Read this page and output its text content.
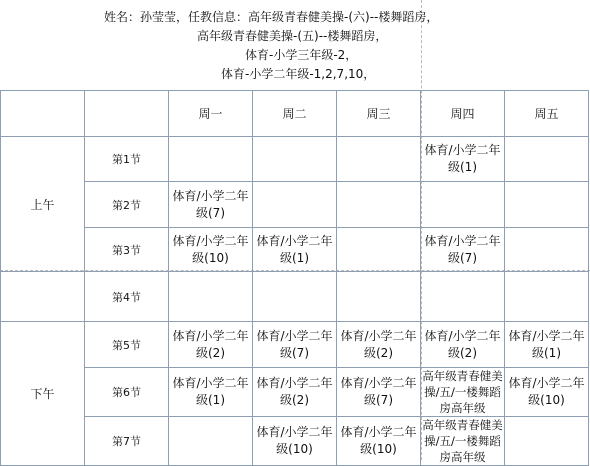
姓名：孙莹莹，任教信息：高年级青春健美操-(六)--楼舞蹈房，
高年级青春健美操-(五)--楼舞蹈房，
体育-小学三年级-2，
体育-小学二年级-1,2,7,10，
		周一	周二	周三	周四	周五
上午	第1节				体育/小学二年级(1)	
	第2节	体育/小学二年级(7)				
	第3节	体育/小学二年级(10)	体育/小学二年级(1)		体育/小学二年级(7)	
	第4节					
下午	第5节	体育/小学二年级(2)	体育/小学二年级(7)	体育/小学二年级(2)	体育/小学二年级(2)	体育/小学二年级(1)
	第6节	体育/小学二年级(1)	体育/小学二年级(2)	体育/小学二年级(7)	高年级青春健美操/五/一楼舞蹈房高年级	体育/小学二年级(10)
	第7节		体育/小学二年级(10)	体育/小学二年级(10)	高年级青春健美操/五/一楼舞蹈房高年级	
